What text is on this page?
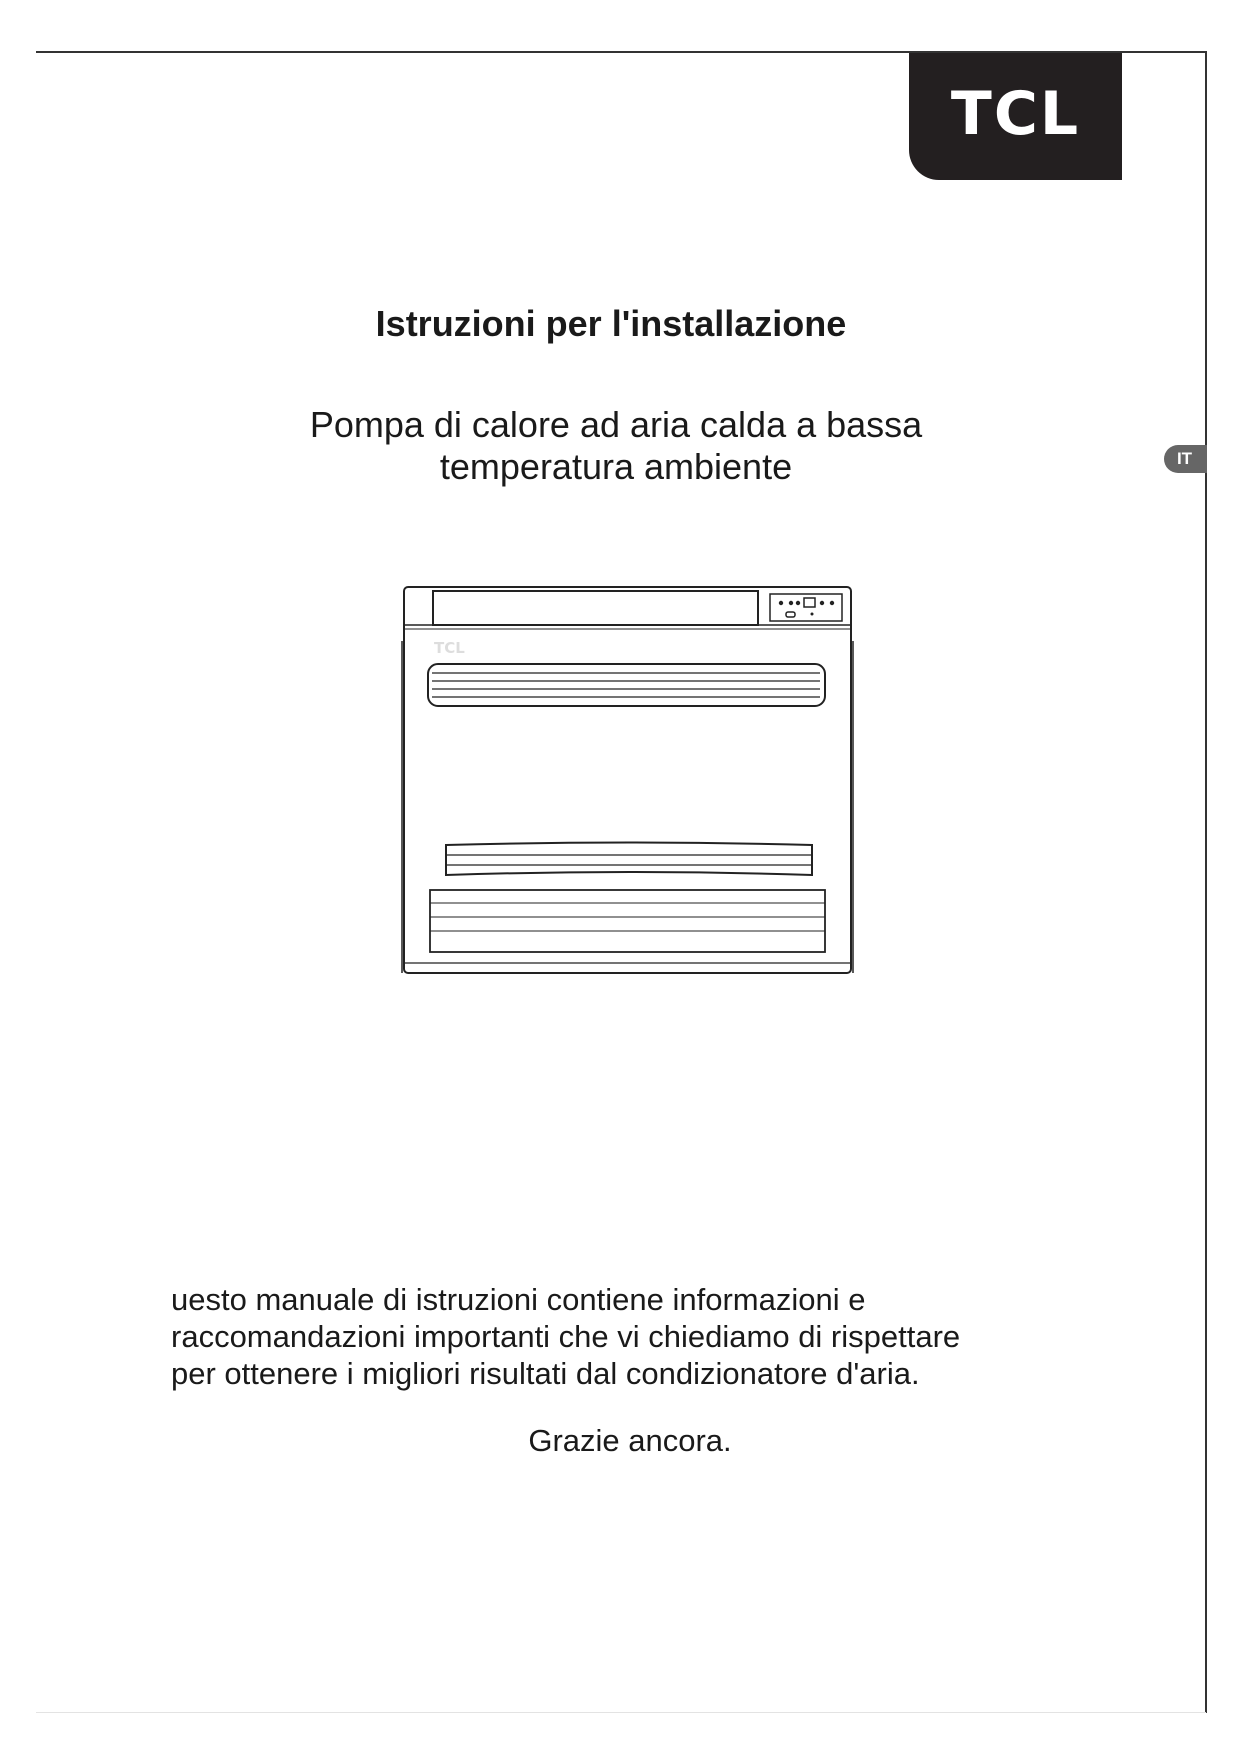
TCL
IT
Istruzioni per l'installazione
Pompa di calore ad aria calda a bassa
temperatura ambiente
TCL
uesto manuale di istruzioni contiene informazioni e
raccomandazioni importanti che vi chiediamo di rispettare
per ottenere i migliori risultati dal condizionatore d'aria.
Grazie ancora.
